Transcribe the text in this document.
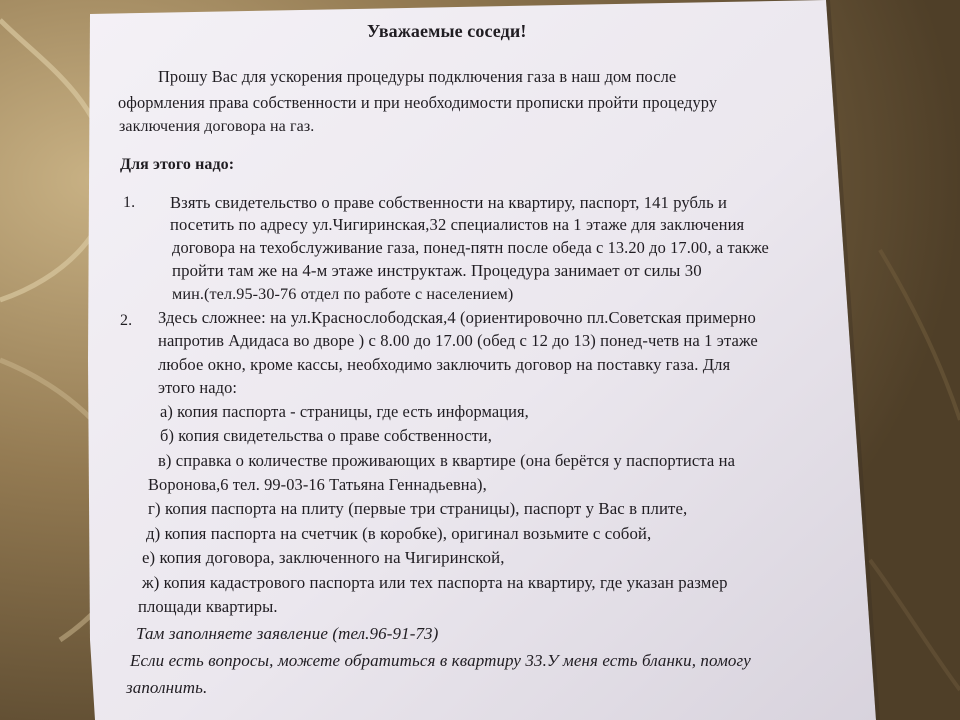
Уважаемые соседи!
Прошу Вас для ускорения процедуры подключения газа в наш дом после
оформления права собственности и при необходимости прописки пройти процедуру
заключения договора на газ.
Для этого надо:
1. Взять свидетельство о праве собственности на квартиру, паспорт, 141 рубль и
посетить по адресу ул.Чигиринская,32 специалистов на 1 этаже для заключения
договора на техобслуживание газа, понед-пятн после обеда с 13.20 до 17.00, а также
пройти там же на 4-м этаже инструктаж. Процедура занимает от силы 30
мин.(тел.95-30-76 отдел по работе с населением)
2. Здесь сложнее: на ул.Краснослободская,4 (ориентировочно пл.Советская примерно
напротив Адидаса во дворе ) с 8.00 до 17.00 (обед с 12 до 13) понед-четв на 1 этаже
любое окно, кроме кассы, необходимо заключить договор на поставку газа. Для
этого надо:
а) копия паспорта - страницы, где есть информация,
б) копия свидетельства о праве собственности,
в) справка о количестве проживающих в квартире (она берётся у паспортиста на
Воронова,6 тел. 99-03-16 Татьяна Геннадьевна),
г) копия паспорта на плиту (первые три страницы), паспорт у Вас в плите,
д) копия паспорта на счетчик (в коробке), оригинал возьмите с собой,
е) копия договора, заключенного на Чигиринской,
ж) копия кадастрового паспорта или тех паспорта на квартиру, где указан размер
площади квартиры.
Там заполняете заявление (тел.96-91-73)
Если есть вопросы, можете обратиться в квартиру 33.У меня есть бланки, помогу
заполнить.
